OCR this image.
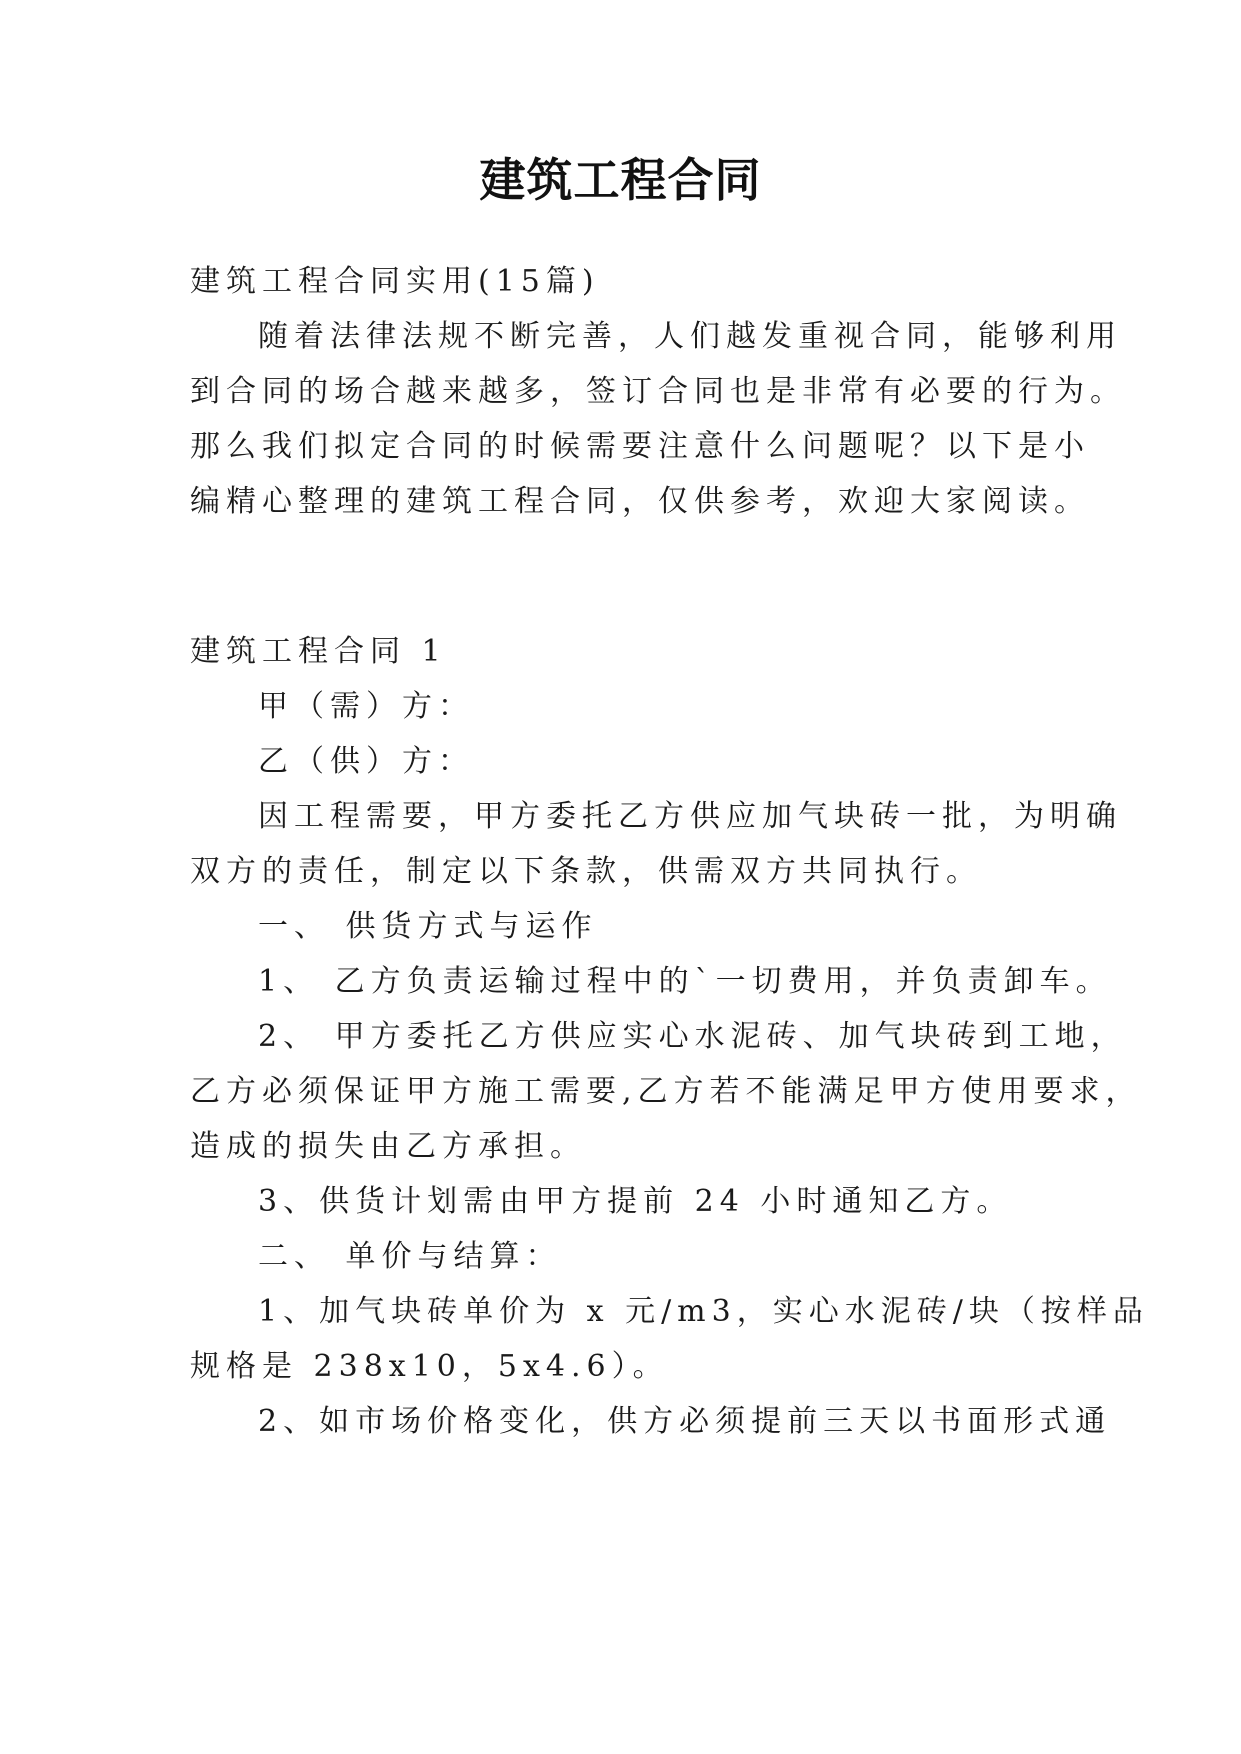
建筑工程合同
建筑工程合同实用(15篇)
随着法律法规不断完善，人们越发重视合同，能够利用
到合同的场合越来越多，签订合同也是非常有必要的行为。
那么我们拟定合同的时候需要注意什么问题呢？以下是小
编精心整理的建筑工程合同，仅供参考，欢迎大家阅读。
建筑工程合同 1
甲（需）方：
乙（供）方：
因工程需要，甲方委托乙方供应加气块砖一批，为明确
双方的责任，制定以下条款，供需双方共同执行。
一、 供货方式与运作
1、 乙方负责运输过程中的`一切费用，并负责卸车。
2、 甲方委托乙方供应实心水泥砖、加气块砖到工地，
乙方必须保证甲方施工需要,乙方若不能满足甲方使用要求，
造成的损失由乙方承担。
3、供货计划需由甲方提前 24 小时通知乙方。
二、 单价与结算：
1、加气块砖单价为 x 元/m3，实心水泥砖/块（按样品
规格是 238x10，5x4.6）。
2、如市场价格变化，供方必须提前三天以书面形式通
